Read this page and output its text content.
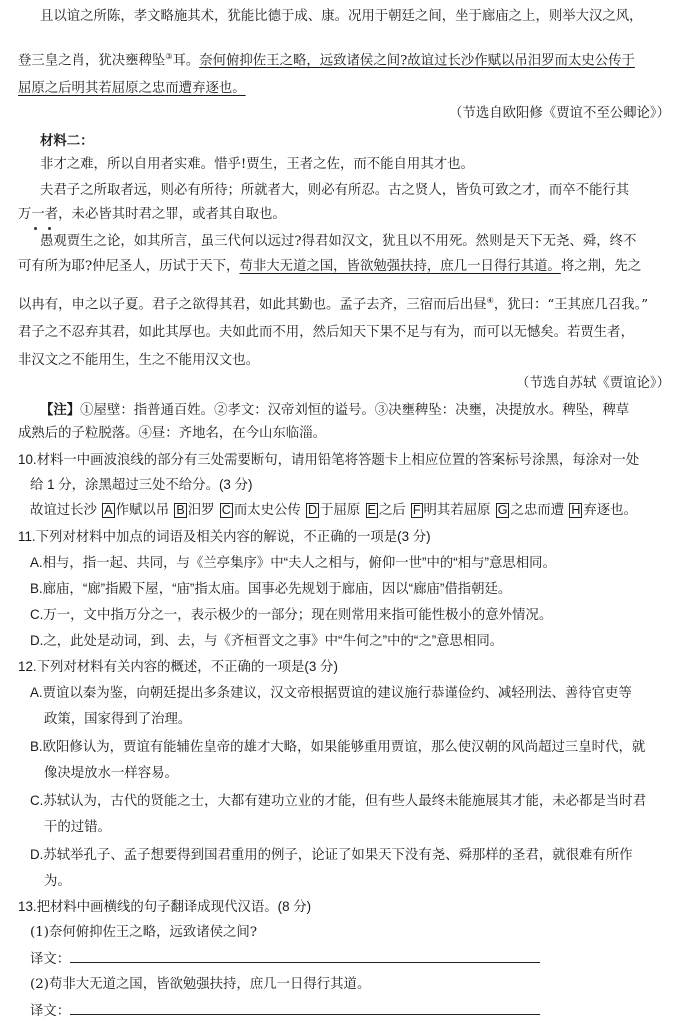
且以谊之所陈，孝文略施其术，犹能比德于成、康。况用于朝廷之间，坐于廊庙之上，则举大汉之风，
登三皇之肖，犹决壅稗坠③耳。奈何俯抑佐王之略，远致诸侯之间?故谊过长沙作赋以吊汨罗而太史公传于
屈原之后明其若屈原之忠而遭弃逐也。
（节选自欧阳修《贾谊不至公卿论》）
材料二：
非才之难，所以自用者实难。惜乎!贾生，王者之佐，而不能自用其才也。
夫君子之所取者远，则必有所待；所就者大，则必有所忍。古之贤人，皆负可致之才，而卒不能行其
万一者，未必皆其时君之罪，或者其自取也。
愚观贾生之论，如其所言，虽三代何以远过?得君如汉文，犹且以不用死。然则是天下无尧、舜，终不
可有所为耶?仲尼圣人，历试于天下，苟非大无道之国，皆欲勉强扶持，庶几一日得行其道。将之荆，先之
以冉有，申之以子夏。君子之欲得其君，如此其勤也。孟子去齐，三宿而后出昼④，犹曰：“王其庶几召我。”
君子之不忍弃其君，如此其厚也。夫如此而不用，然后知天下果不足与有为，而可以无憾矣。若贾生者，
非汉文之不能用生，生之不能用汉文也。
（节选自苏轼《贾谊论》）
【注】①屋壁：指普通百姓。②孝文：汉帝刘恒的谥号。③决壅稗坠：决壅，决提放水。稗坠，稗草
成熟后的子粒脱落。④昼：齐地名，在今山东临淄。
10.材料一中画波浪线的部分有三处需要断句，请用铅笔将答题卡上相应位置的答案标号涂黑，每涂对一处
给 1 分，涂黑超过三处不给分。(3 分)
故谊过长沙 A 作赋以吊 B 汨罗 C 而太史公传 D 于屈原 E 之后 F 明其若屈原 G 之忠而遭 H 弃逐也。
11.下列对材料中加点的词语及相关内容的解说，不正确的一项是(3 分)
A.相与，指一起、共同，与《兰亭集序》中“夫人之相与，俯仰一世”中的“相与”意思相同。
B.廊庙，“廊”指殿下屋，“庙”指太庙。国事必先规划于廊庙，因以“廊庙”借指朝廷。
C.万一，文中指万分之一，表示极少的一部分；现在则常用来指可能性极小的意外情况。
D.之，此处是动词，到、去，与《齐桓晋文之事》中“牛何之”中的“之”意思相同。
12.下列对材料有关内容的概述，不正确的一项是(3 分)
A.贾谊以秦为鉴，向朝廷提出多条建议，汉文帝根据贾谊的建议施行恭谨俭约、减轻刑法、善待官吏等
政策，国家得到了治理。
B.欧阳修认为，贾谊有能辅佐皇帝的雄才大略，如果能够重用贾谊，那么使汉朝的风尚超过三皇时代，就
像决堤放水一样容易。
C.苏轼认为，古代的贤能之士，大都有建功立业的才能，但有些人最终未能施展其才能，未必都是当时君
干的过错。
D.苏轼举孔子、孟子想要得到国君重用的例子，论证了如果天下没有尧、舜那样的圣君，就很难有所作
为。
13.把材料中画横线的句子翻译成现代汉语。(8 分)
(1)奈何俯抑佐王之略，远致诸侯之间?
译文：
(2)苟非大无道之国，皆欲勉强扶持，庶几一日得行其道。
译文：
